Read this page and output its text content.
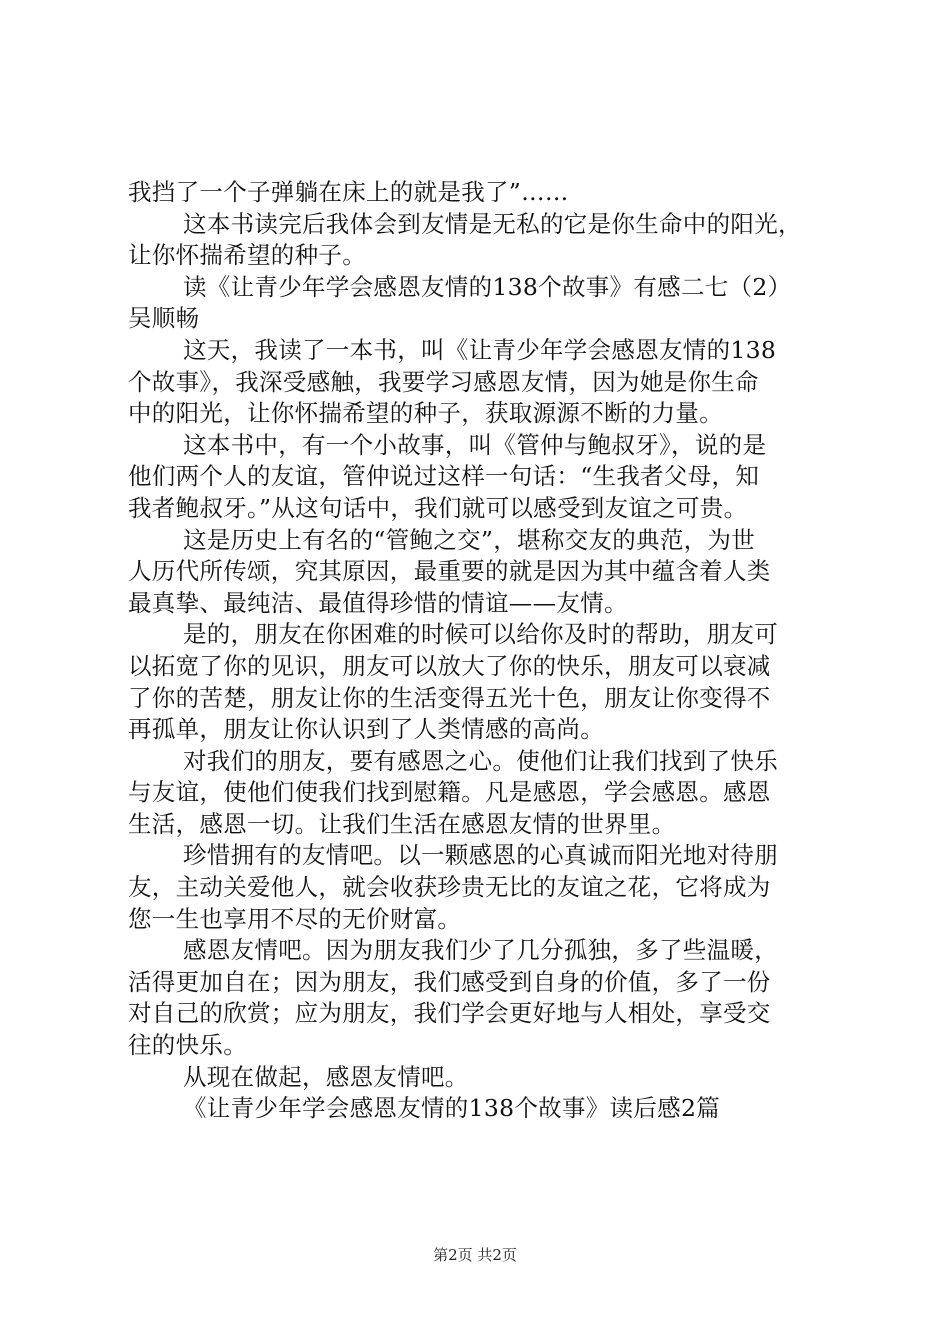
我挡了一个子弹躺在床上的就是我了”……
这本书读完后我体会到友情是无私的它是你生命中的阳光，
让你怀揣希望的种子。
读《让青少年学会感恩友情的138个故事》有感二七（2）
吴顺畅
这天，我读了一本书，叫《让青少年学会感恩友情的138
个故事》，我深受感触，我要学习感恩友情，因为她是你生命
中的阳光，让你怀揣希望的种子，获取源源不断的力量。
这本书中，有一个小故事，叫《管仲与鲍叔牙》，说的是
他们两个人的友谊，管仲说过这样一句话：“生我者父母，知
我者鲍叔牙。”从这句话中，我们就可以感受到友谊之可贵。
这是历史上有名的“管鲍之交”，堪称交友的典范，为世
人历代所传颂，究其原因，最重要的就是因为其中蕴含着人类
最真挚、最纯洁、最值得珍惜的情谊——友情。
是的，朋友在你困难的时候可以给你及时的帮助，朋友可
以拓宽了你的见识，朋友可以放大了你的快乐，朋友可以衰减
了你的苦楚，朋友让你的生活变得五光十色，朋友让你变得不
再孤单，朋友让你认识到了人类情感的高尚。
对我们的朋友，要有感恩之心。使他们让我们找到了快乐
与友谊，使他们使我们找到慰籍。凡是感恩，学会感恩。感恩
生活，感恩一切。让我们生活在感恩友情的世界里。
珍惜拥有的友情吧。以一颗感恩的心真诚而阳光地对待朋
友，主动关爱他人，就会收获珍贵无比的友谊之花，它将成为
您一生也享用不尽的无价财富。
感恩友情吧。因为朋友我们少了几分孤独，多了些温暖，
活得更加自在；因为朋友，我们感受到自身的价值，多了一份
对自己的欣赏；应为朋友，我们学会更好地与人相处，享受交
往的快乐。
从现在做起，感恩友情吧。
《让青少年学会感恩友情的138个故事》读后感2篇
第2页 共2页
